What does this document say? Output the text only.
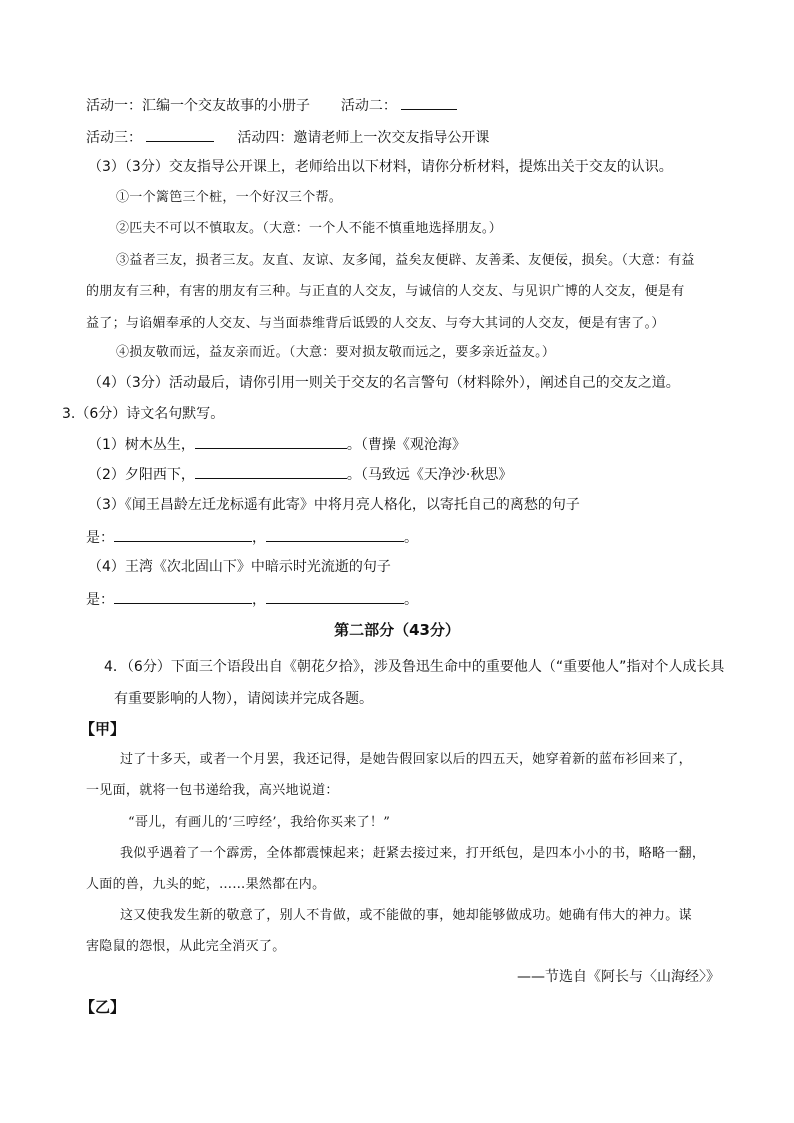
活动一：汇编一个交友故事的小册子 活动二：
活动三：	活动四：邀请老师上一次交友指导公开课
（3）（3分）交友指导公开课上，老师给出以下材料，请你分析材料，提炼出关于交友的认识。
①一个篱笆三个桩，一个好汉三个帮。
②匹夫不可以不慎取友。（大意：一个人不能不慎重地选择朋友。）
③益者三友，损者三友。友直、友谅、友多闻，益矣友便辟、友善柔、友便佞，损矣。（大意：有益
的朋友有三种，有害的朋友有三种。与正直的人交友，与诚信的人交友、与见识广博的人交友，便是有
益了；与谄媚奉承的人交友、与当面恭维背后诋毁的人交友、与夸大其词的人交友，便是有害了。）
④损友敬而远，益友亲而近。（大意：要对损友敬而远之，要多亲近益友。）
（4）（3分）活动最后，请你引用一则关于交友的名言警句（材料除外），阐述自己的交友之道。
3.（6分）诗文名句默写。
（1）树木丛生，	。（曹操《观沧海》
（2）夕阳西下，	。（马致远《天净沙·秋思》
（3）《闻王昌龄左迁龙标遥有此寄》中将月亮人格化，以寄托自己的离愁的句子
是：	，	。
（4）王湾《次北固山下》中暗示时光流逝的句子
是：	，	。
第二部分（43分）
4．（6分）下面三个语段出自《朝花夕拾》，涉及鲁迅生命中的重要他人（“重要他人”指对个人成长具
有重要影响的人物），请阅读并完成各题。
【甲】
过了十多天，或者一个月罢，我还记得，是她告假回家以后的四五天，她穿着新的蓝布衫回来了，
一见面，就将一包书递给我，高兴地说道：
“哥儿，有画儿的‘三哼经’，我给你买来了！”
我似乎遇着了一个霹雳，全体都震悚起来；赶紧去接过来，打开纸包，是四本小小的书，略略一翻，
人面的兽，九头的蛇，……果然都在内。
这又使我发生新的敬意了，别人不肯做，或不能做的事，她却能够做成功。她确有伟大的神力。谋
害隐鼠的怨恨，从此完全消灭了。
——节选自《阿长与〈山海经〉》
【乙】
